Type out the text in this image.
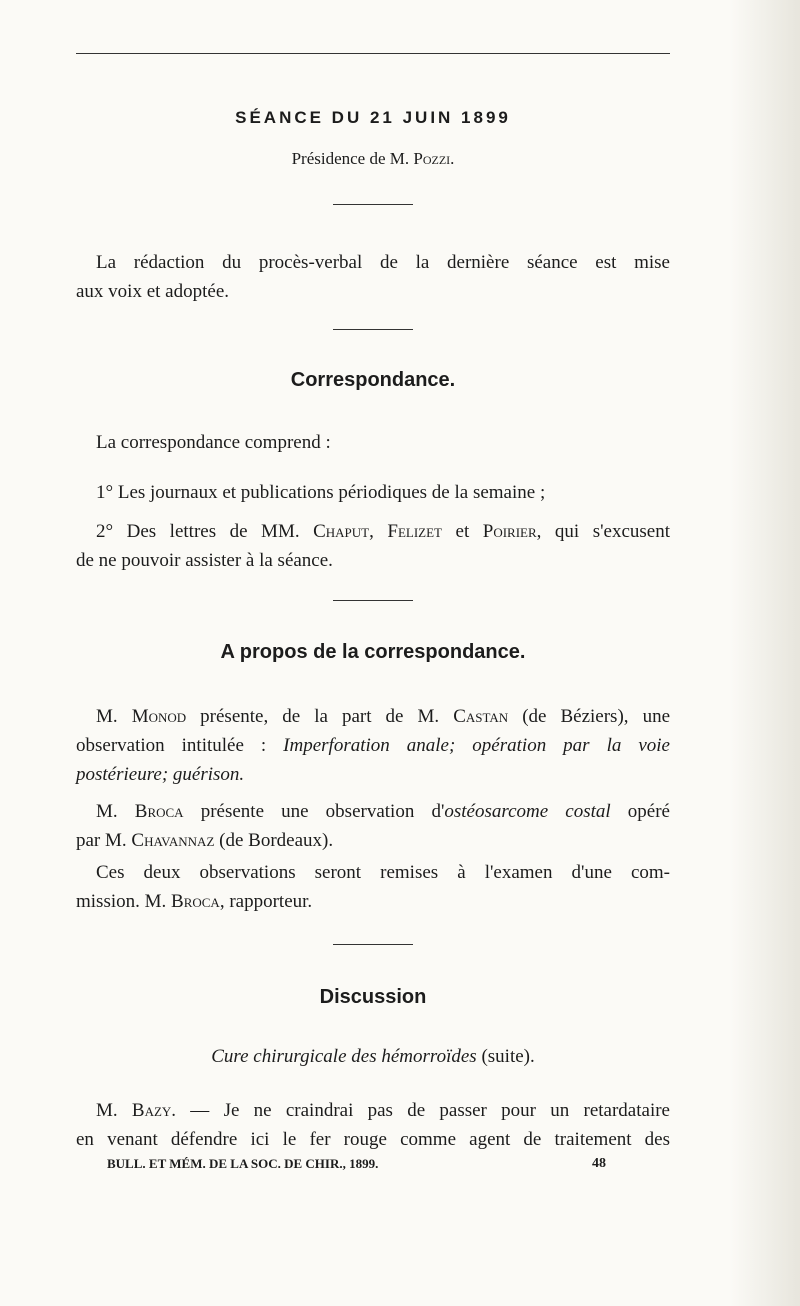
SÉANCE DU 21 JUIN 1899
Présidence de M. Pozzi.
La rédaction du procès-verbal de la dernière séance est mise
aux voix et adoptée.
Correspondance.
La correspondance comprend :
1° Les journaux et publications périodiques de la semaine ;
2° Des lettres de MM. Chaput, Felizet et Poirier, qui s'excusent
de ne pouvoir assister à la séance.
A propos de la correspondance.
M. Monod présente, de la part de M. Castan (de Béziers), une
observation intitulée : Imperforation anale; opération par la voie
postérieure; guérison.
M. Broca présente une observation d'ostéosarcome costal opéré
par M. Chavannaz (de Bordeaux).
Ces deux observations seront remises à l'examen d'une com-
mission. M. Broca, rapporteur.
Discussion
Cure chirurgicale des hémorroïdes (suite).
M. Bazy. — Je ne craindrai pas de passer pour un retardataire
en venant défendre ici le fer rouge comme agent de traitement des
BULL. ET MÉM. DE LA SOC. DE CHIR., 1899.	48
